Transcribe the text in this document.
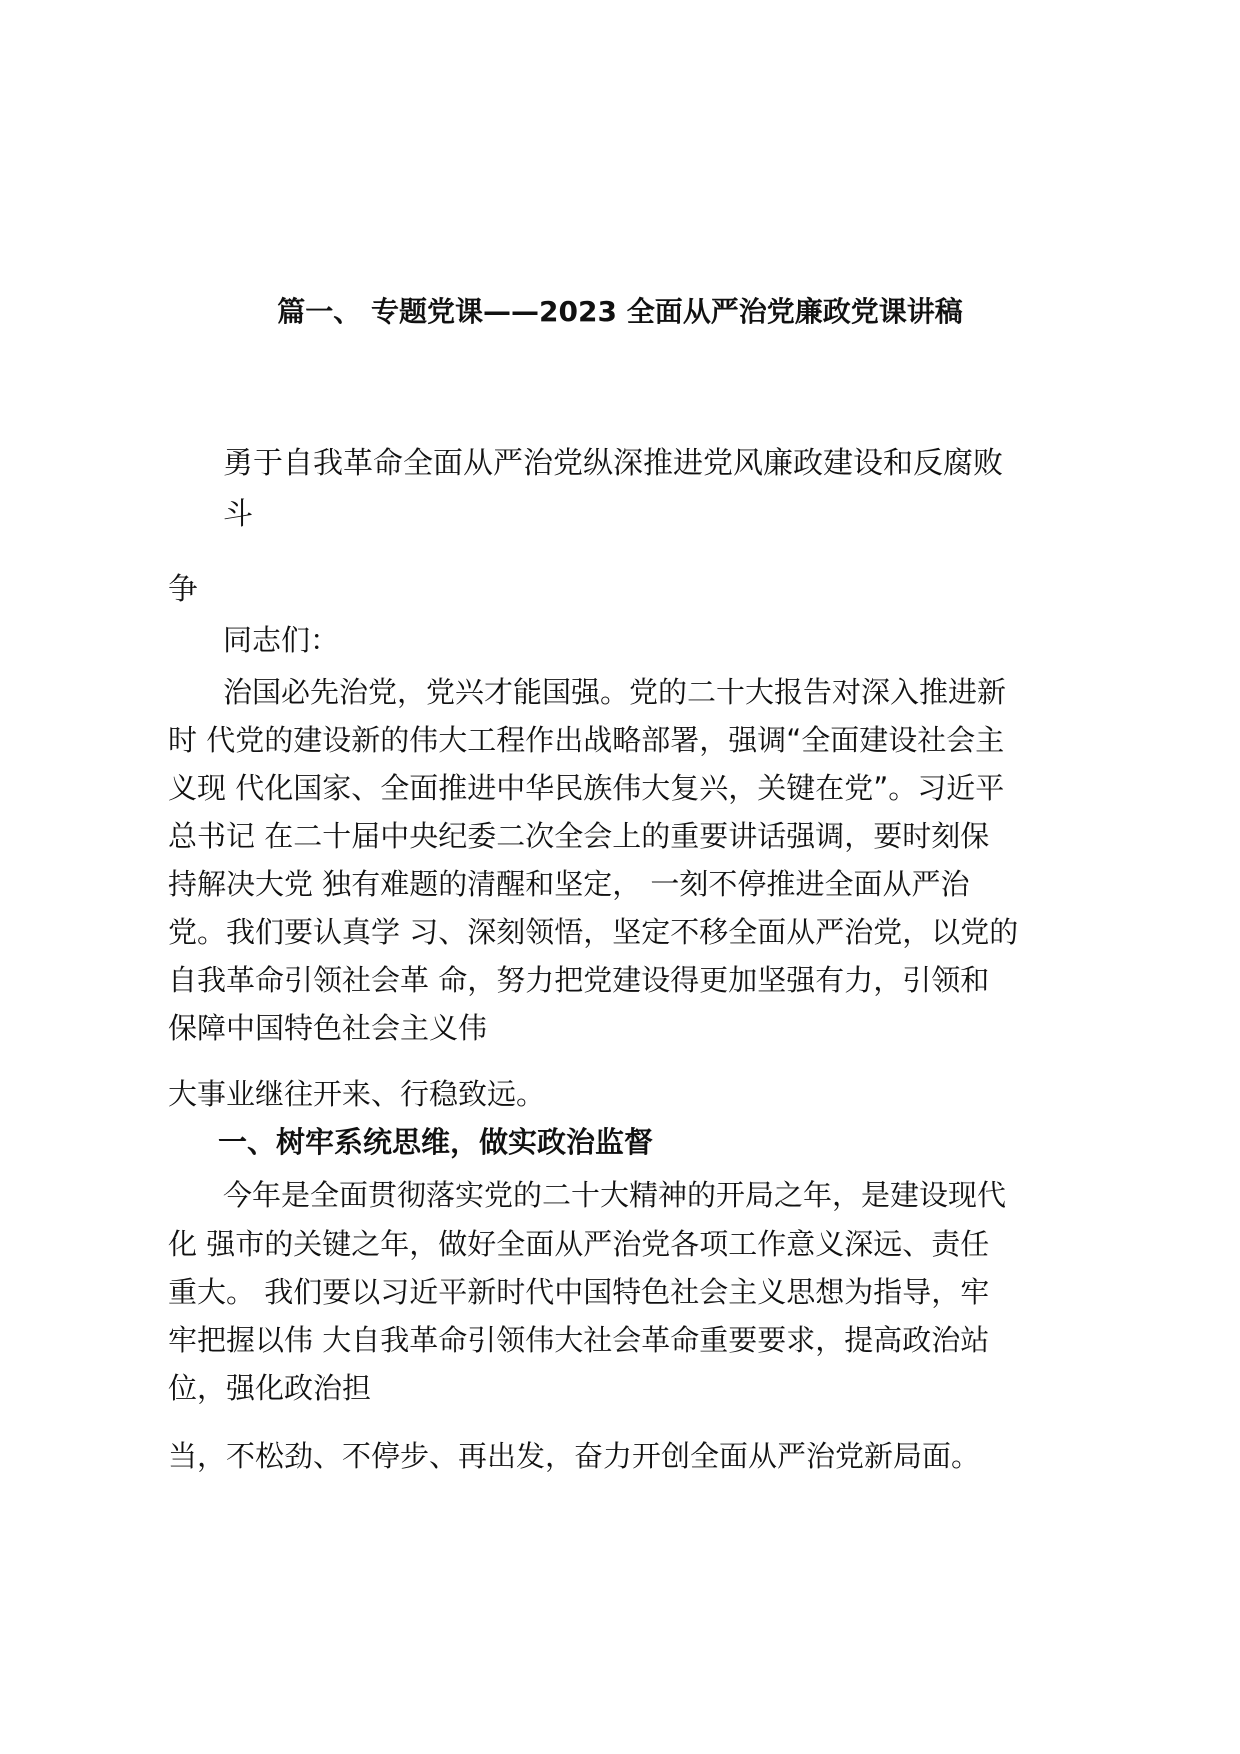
篇一、 专题党课——2023 全面从严治党廉政党课讲稿
勇于自我革命全面从严治党纵深推进党风廉政建设和反腐败
斗
争
同志们：
治国必先治党，党兴才能国强。党的二十大报告对深入推进新
时 代党的建设新的伟大工程作出战略部署，强调“全面建设社会主
义现 代化国家、全面推进中华民族伟大复兴，关键在党”。习近平
总书记 在二十届中央纪委二次全会上的重要讲话强调，要时刻保
持解决大党 独有难题的清醒和坚定， 一刻不停推进全面从严治
党。我们要认真学 习、深刻领悟，坚定不移全面从严治党，以党的
自我革命引领社会革 命，努力把党建设得更加坚强有力，引领和
保障中国特色社会主义伟
大事业继往开来、行稳致远。
一、树牢系统思维，做实政治监督
今年是全面贯彻落实党的二十大精神的开局之年，是建设现代
化 强市的关键之年，做好全面从严治党各项工作意义深远、责任
重大。 我们要以习近平新时代中国特色社会主义思想为指导，牢
牢把握以伟 大自我革命引领伟大社会革命重要要求，提高政治站
位，强化政治担
当，不松劲、不停步、再出发，奋力开创全面从严治党新局面。
